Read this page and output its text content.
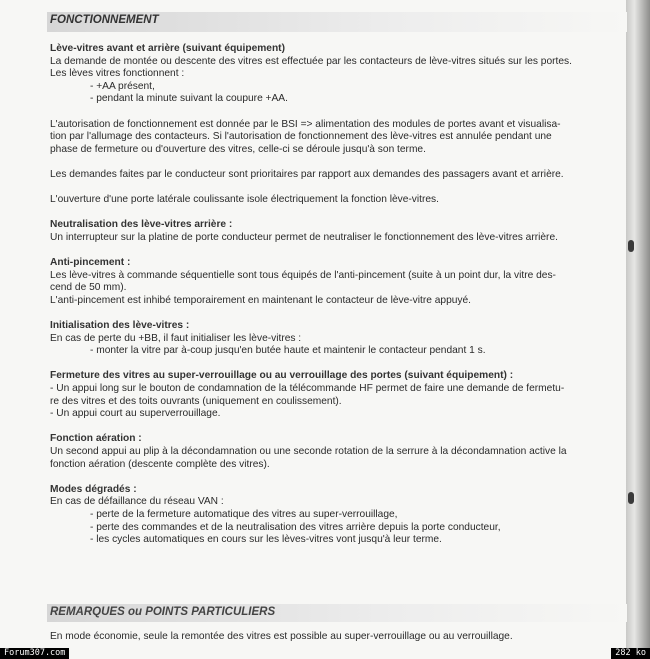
FONCTIONNEMENT
Lève-vitres avant et arrière (suivant équipement)
La demande de montée ou descente des vitres est effectuée par les contacteurs de lève-vitres situés sur les portes.
Les lèves vitres fonctionnent :
- +AA présent,
- pendant la minute suivant la coupure +AA.
L'autorisation de fonctionnement est donnée par le BSI => alimentation des modules de portes avant et visualisa-
tion par l'allumage des contacteurs. Si l'autorisation de fonctionnement des lève-vitres est annulée pendant une
phase de fermeture ou d'ouverture des vitres, celle-ci se déroule jusqu'à son terme.
Les demandes faites par le conducteur sont prioritaires par rapport aux demandes des passagers avant et arrière.
L'ouverture d'une porte latérale coulissante isole électriquement la fonction lève-vitres.
Neutralisation des lève-vitres arrière :
Un interrupteur sur la platine de porte conducteur permet de neutraliser le fonctionnement des lève-vitres arrière.
Anti-pincement :
Les lève-vitres à commande séquentielle sont tous équipés de l'anti-pincement (suite à un point dur, la vitre des-
cend de 50 mm).
L'anti-pincement est inhibé temporairement en maintenant le contacteur de lève-vitre appuyé.
Initialisation des lève-vitres :
En cas de perte du +BB, il faut initialiser les lève-vitres :
- monter la vitre par à-coup jusqu'en butée haute et maintenir le contacteur pendant 1 s.
Fermeture des vitres au super-verrouillage ou au verrouillage des portes (suivant équipement) :
- Un appui long sur le bouton de condamnation de la télécommande HF permet de faire une demande de fermetu-
re des vitres et des toits ouvrants (uniquement en coulissement).
- Un appui court au superverrouillage.
Fonction aération :
Un second appui au plip à la décondamnation ou une seconde rotation de la serrure à la décondamnation active la
fonction aération (descente complète des vitres).
Modes dégradés :
En cas de défaillance du réseau VAN :
- perte de la fermeture automatique des vitres au super-verrouillage,
- perte des commandes et de la neutralisation des vitres arrière depuis la porte conducteur,
- les cycles automatiques en cours sur les lèves-vitres vont jusqu'à leur terme.
REMARQUES ou POINTS PARTICULIERS
En mode économie, seule la remontée des vitres est possible au super-verrouillage ou au verrouillage.
Forum307.com	282 ko
